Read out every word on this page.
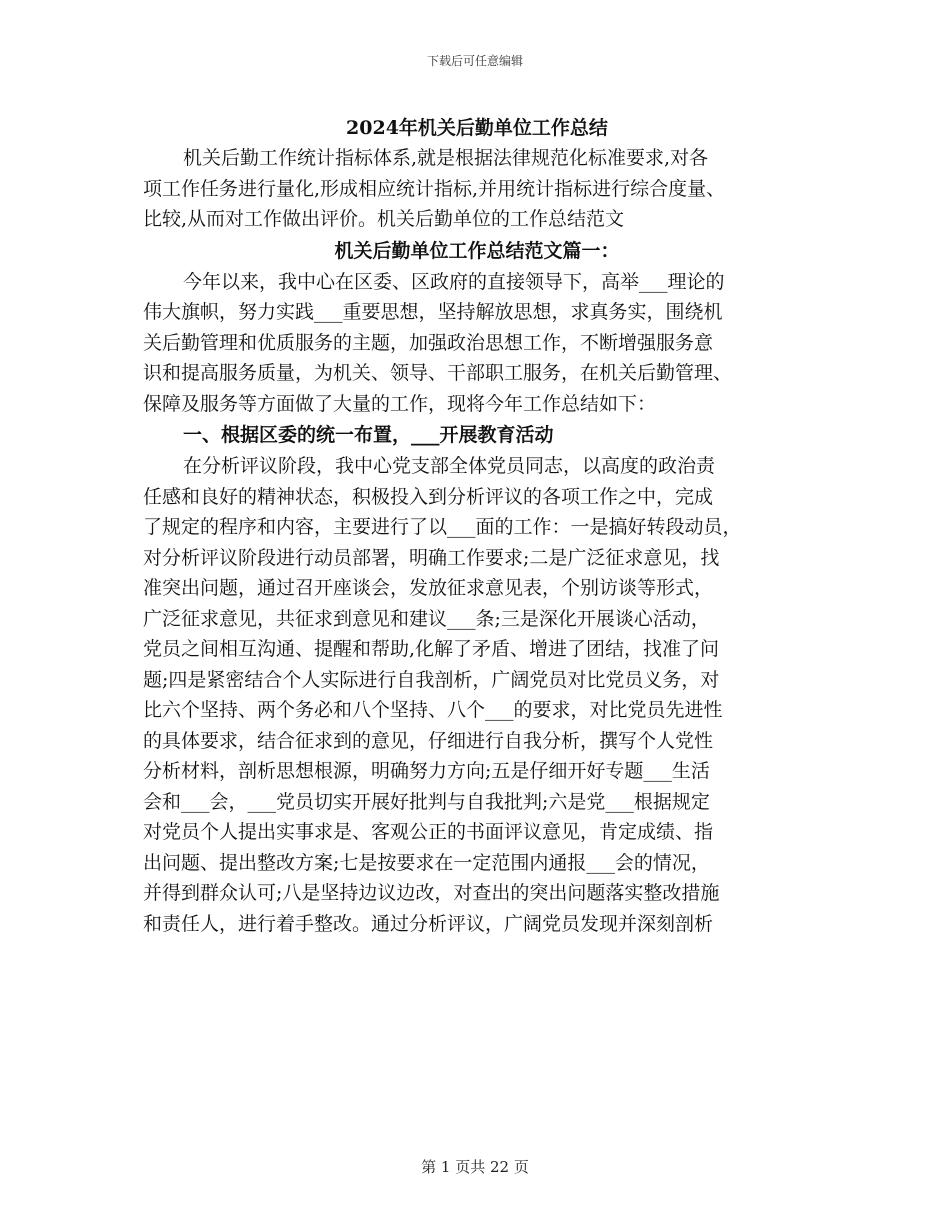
下载后可任意编辑
2024年机关后勤单位工作总结
机关后勤工作统计指标体系,就是根据法律规范化标准要求,对各
项工作任务进行量化,形成相应统计指标,并用统计指标进行综合度量、
比较,从而对工作做出评价。机关后勤单位的工作总结范文
机关后勤单位工作总结范文篇一：
今年以来，我中心在区委、区政府的直接领导下，高举___理论的
伟大旗帜，努力实践___重要思想，坚持解放思想，求真务实，围绕机
关后勤管理和优质服务的主题，加强政治思想工作，不断增强服务意
识和提高服务质量，为机关、领导、干部职工服务，在机关后勤管理、
保障及服务等方面做了大量的工作，现将今年工作总结如下：
一、根据区委的统一布置，___开展教育活动
在分析评议阶段，我中心党支部全体党员同志，以高度的政治责
任感和良好的精神状态，积极投入到分析评议的各项工作之中，完成
了规定的程序和内容，主要进行了以___面的工作：一是搞好转段动员，
对分析评议阶段进行动员部署，明确工作要求;二是广泛征求意见，找
准突出问题，通过召开座谈会，发放征求意见表，个别访谈等形式，
广泛征求意见，共征求到意见和建议___条;三是深化开展谈心活动，
党员之间相互沟通、提醒和帮助,化解了矛盾、增进了团结，找准了问
题;四是紧密结合个人实际进行自我剖析，广阔党员对比党员义务，对
比六个坚持、两个务必和八个坚持、八个___的要求，对比党员先进性
的具体要求，结合征求到的意见，仔细进行自我分析，撰写个人党性
分析材料，剖析思想根源，明确努力方向;五是仔细开好专题___生活
会和___会，___党员切实开展好批判与自我批判;六是党___根据规定
对党员个人提出实事求是、客观公正的书面评议意见，肯定成绩、指
出问题、提出整改方案;七是按要求在一定范围内通报___会的情况，
并得到群众认可;八是坚持边议边改，对查出的突出问题落实整改措施
和责任人，进行着手整改。通过分析评议，广阔党员发现并深刻剖析
第 1 页共 22 页
